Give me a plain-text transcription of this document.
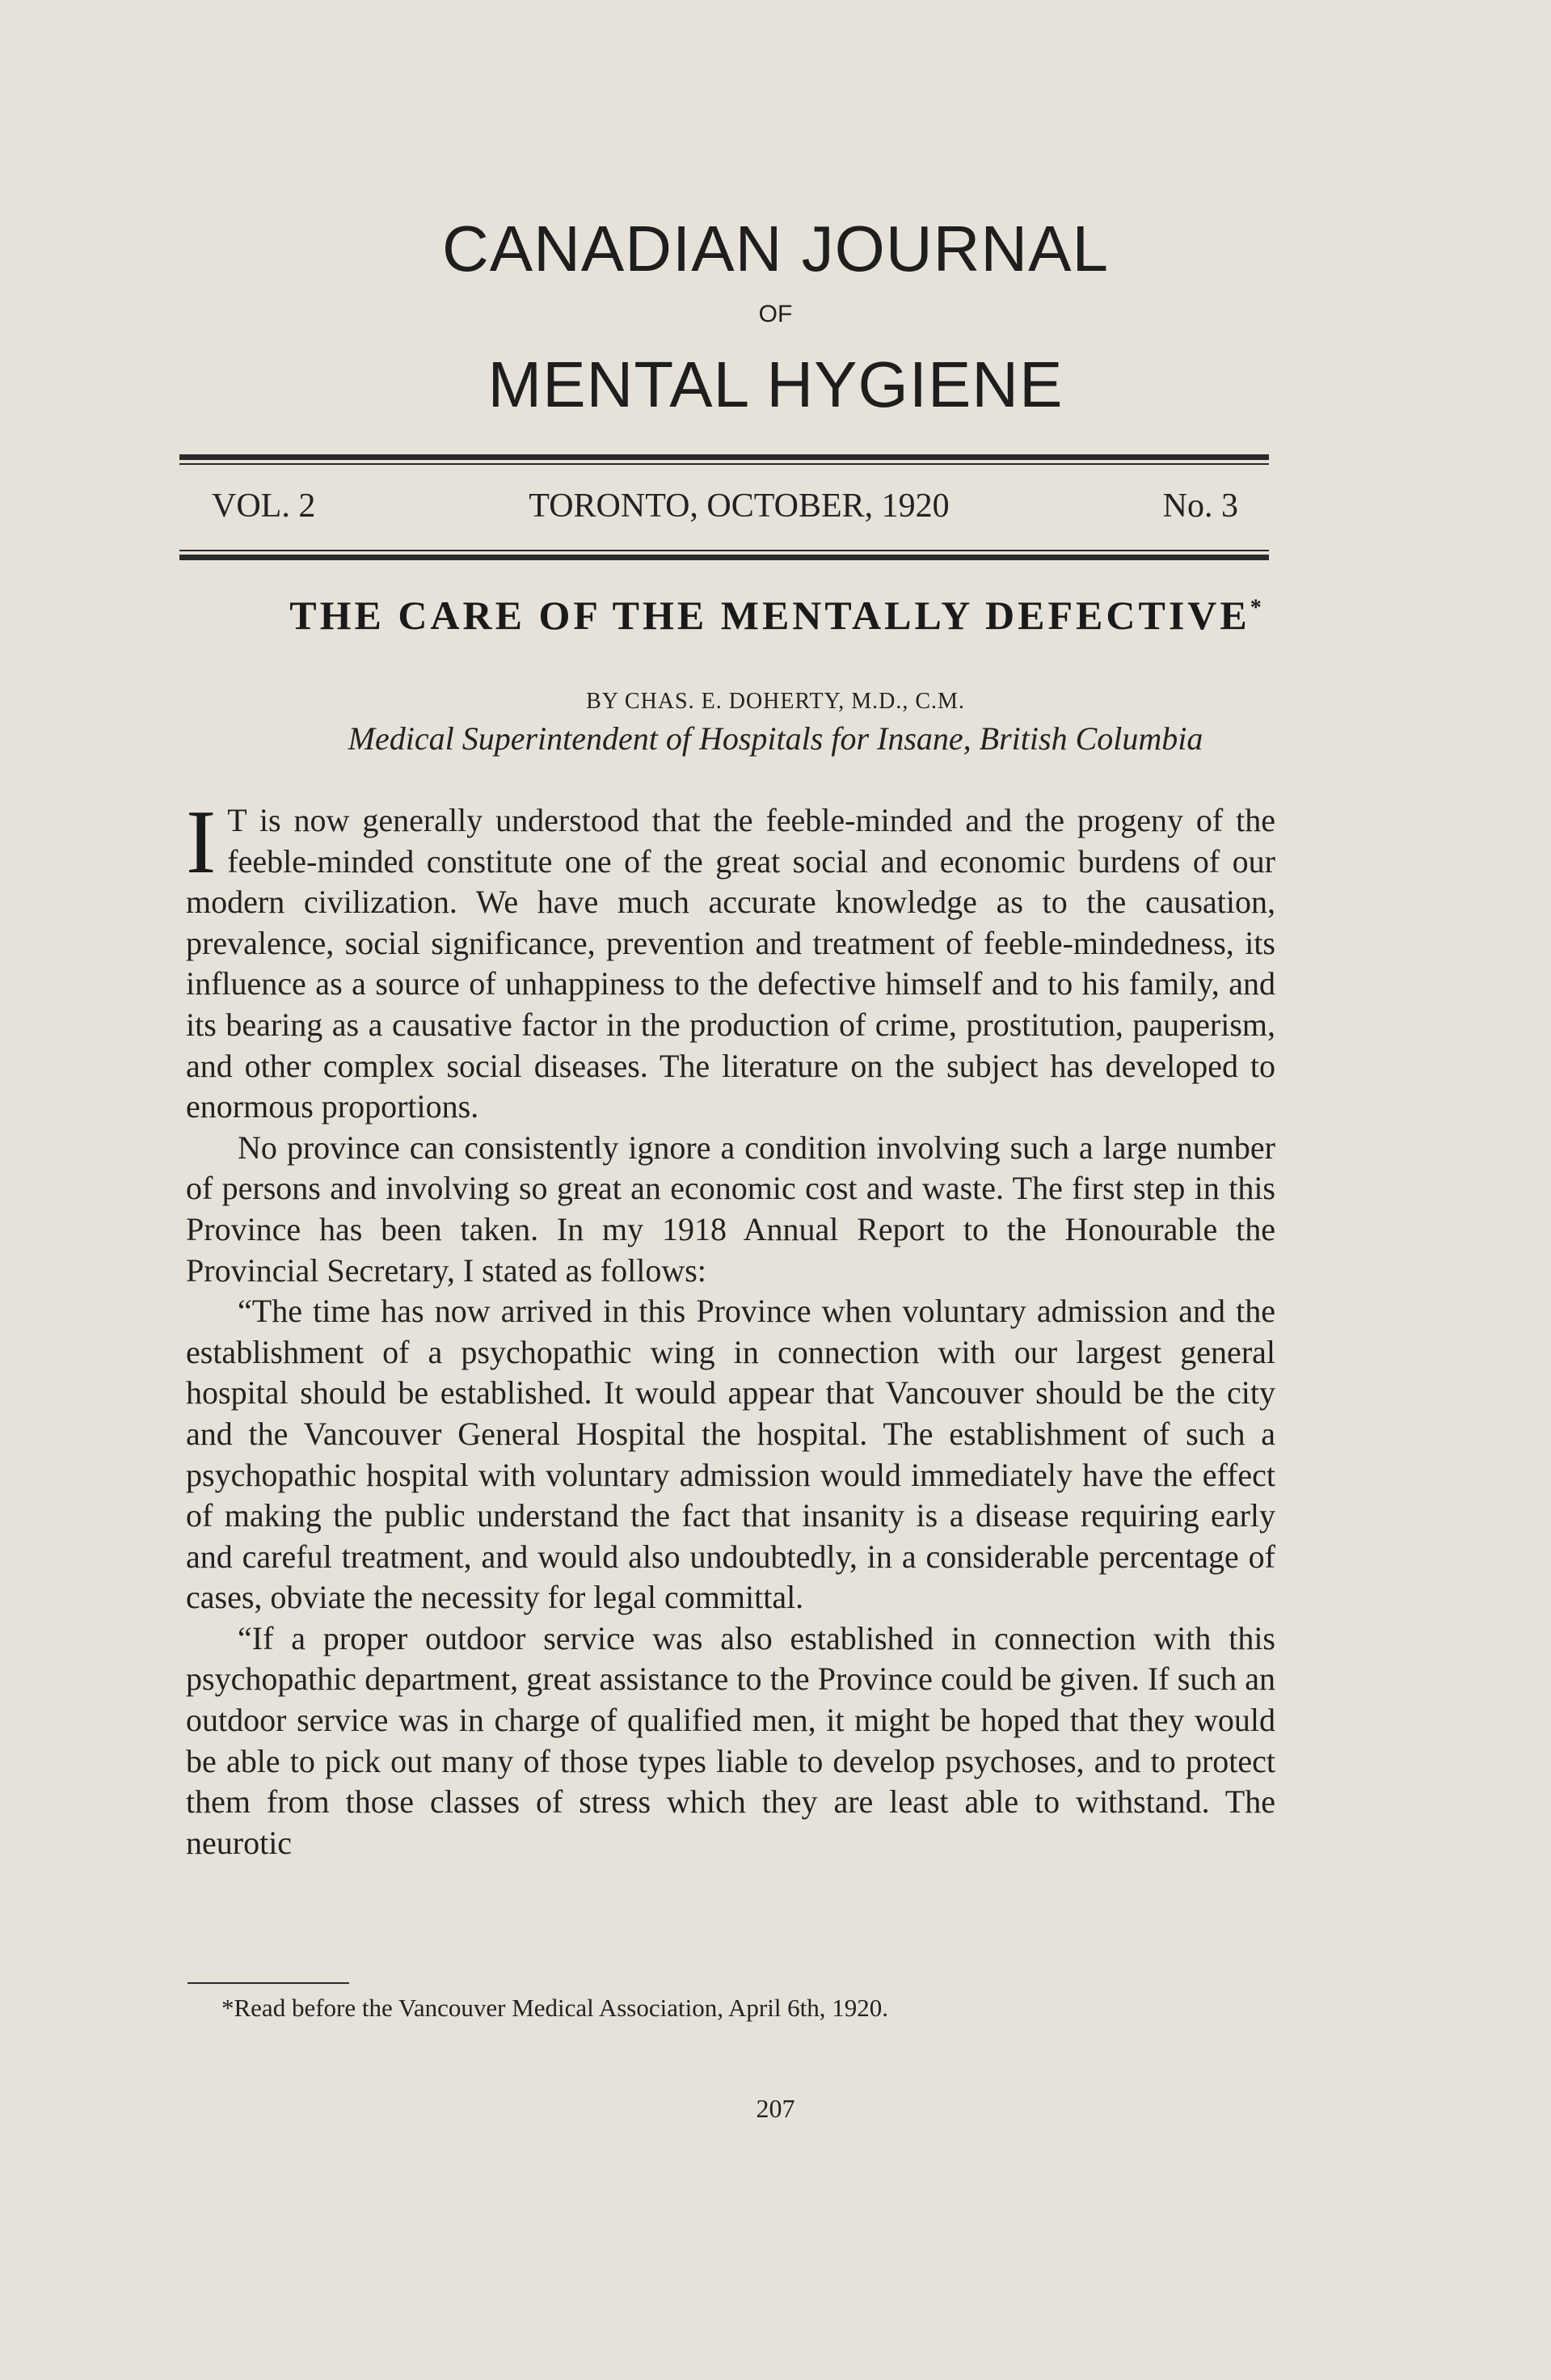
CANADIAN JOURNAL
OF
MENTAL HYGIENE
VOL. 2	TORONTO, OCTOBER, 1920	No. 3
THE CARE OF THE MENTALLY DEFECTIVE*
BY CHAS. E. DOHERTY, M.D., C.M.
Medical Superintendent of Hospitals for Insane, British Columbia

I T is now generally understood that the feeble-minded and the progeny of the feeble-minded constitute one of the great social and economic burdens of our modern civilization. We have much accurate knowledge as to the causation, prevalence, social significance, prevention and treatment of feeble-mindedness, its influence as a source of unhappiness to the defective himself and to his family, and its bearing as a causative factor in the production of crime, prostitution, pauperism, and other complex social diseases. The literature on the subject has developed to enormous proportions.

No province can consistently ignore a condition involving such a large number of persons and involving so great an economic cost and waste. The first step in this Province has been taken. In my 1918 Annual Report to the Honourable the Provincial Secretary, I stated as follows:

“The time has now arrived in this Province when voluntary admission and the establishment of a psychopathic wing in connection with our largest general hospital should be established. It would appear that Vancouver should be the city and the Vancouver General Hospital the hospital. The establishment of such a psychopathic hospital with voluntary admission would immediately have the effect of making the public understand the fact that insanity is a disease requiring early and careful treatment, and would also undoubtedly, in a considerable percentage of cases, obviate the necessity for legal committal.

“If a proper outdoor service was also established in connection with this psychopathic department, great assistance to the Province could be given. If such an outdoor service was in charge of qualified men, it might be hoped that they would be able to pick out many of those types liable to develop psychoses, and to protect them from those classes of stress which they are least able to withstand. The neurotic

*Read before the Vancouver Medical Association, April 6th, 1920.
207
